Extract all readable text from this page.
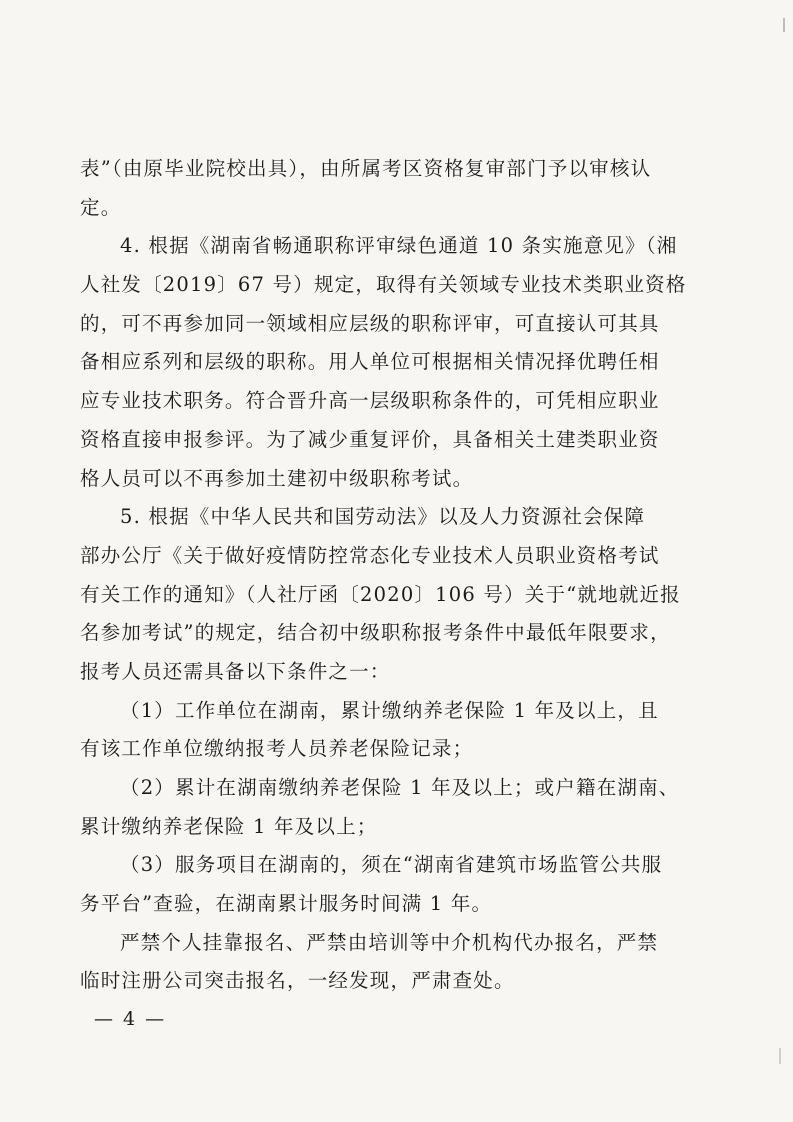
表”（由原毕业院校出具），由所属考区资格复审部门予以审核认
定。
4. 根据《湖南省畅通职称评审绿色通道 10 条实施意见》（湘
人社发〔2019〕67 号）规定，取得有关领域专业技术类职业资格
的，可不再参加同一领域相应层级的职称评审，可直接认可其具
备相应系列和层级的职称。用人单位可根据相关情况择优聘任相
应专业技术职务。符合晋升高一层级职称条件的，可凭相应职业
资格直接申报参评。为了减少重复评价，具备相关土建类职业资
格人员可以不再参加土建初中级职称考试。
5. 根据《中华人民共和国劳动法》以及人力资源社会保障
部办公厅《关于做好疫情防控常态化专业技术人员职业资格考试
有关工作的通知》（人社厅函〔2020〕106 号）关于“就地就近报
名参加考试”的规定，结合初中级职称报考条件中最低年限要求，
报考人员还需具备以下条件之一：
（1）工作单位在湖南，累计缴纳养老保险 1 年及以上，且
有该工作单位缴纳报考人员养老保险记录；
（2）累计在湖南缴纳养老保险 1 年及以上；或户籍在湖南、
累计缴纳养老保险 1 年及以上；
（3）服务项目在湖南的，须在“湖南省建筑市场监管公共服
务平台”查验，在湖南累计服务时间满 1 年。
严禁个人挂靠报名、严禁由培训等中介机构代办报名，严禁
临时注册公司突击报名，一经发现，严肃查处。
— 4 —
